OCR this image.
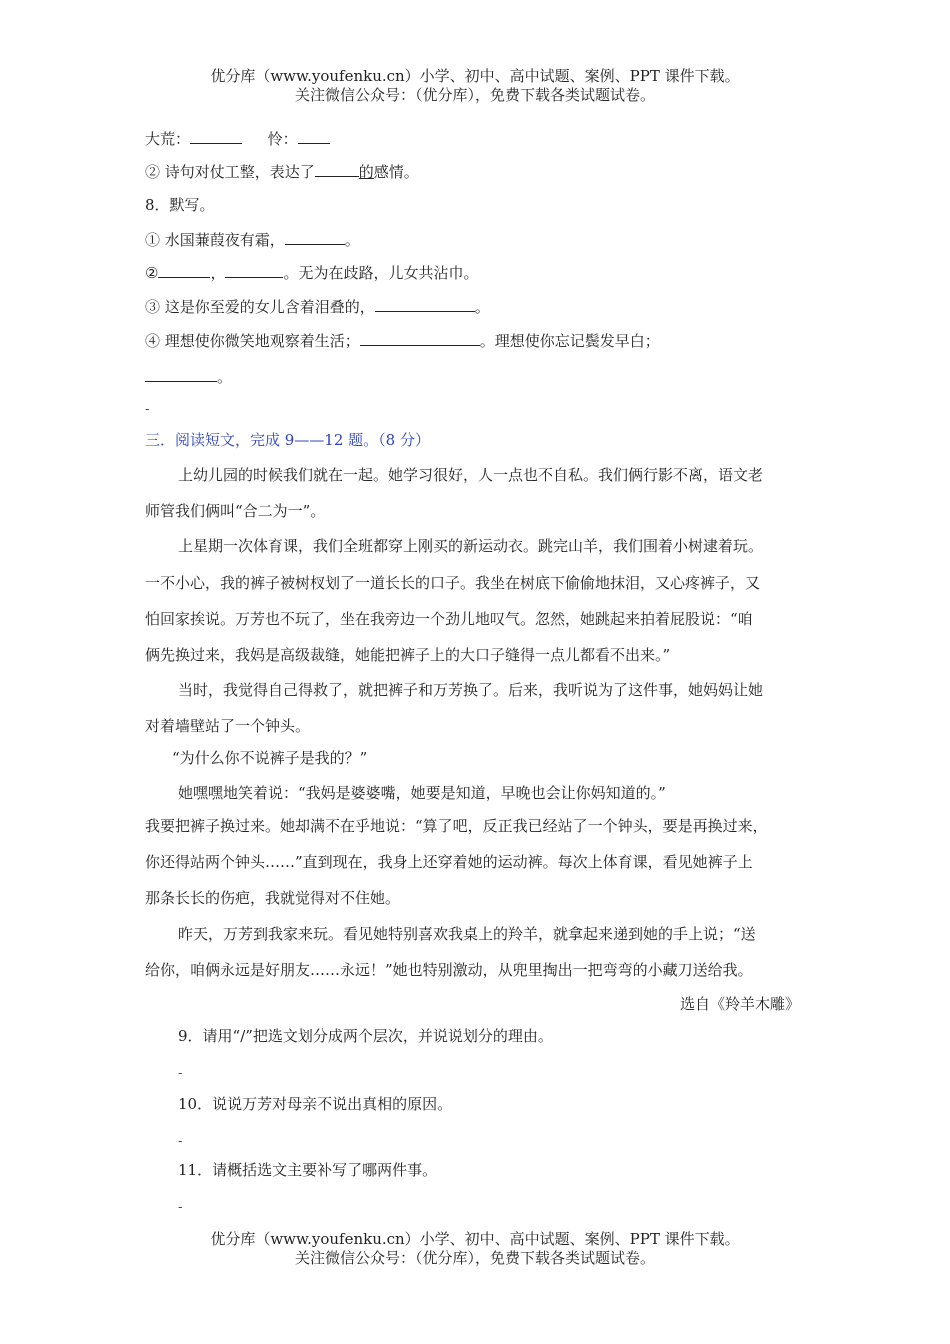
优分库（www.youfenku.cn）小学、初中、高中试题、案例、PPT 课件下载。
关注微信公众号：（优分库），免费下载各类试题试卷。
大荒：	怜：
② 诗句对仗工整，表达了	的感情。
8．默写。
① 水国蒹葭夜有霜，	。
②	，	。无为在歧路，儿女共沾巾。
③ 这是你至爱的女儿含着泪叠的，	。
④ 理想使你微笑地观察着生活；	。理想使你忘记鬓发早白；
。
-
三．阅读短文，完成 9——12 题。（8 分）
上幼儿园的时候我们就在一起。她学习很好，人一点也不自私。我们俩行影不离，语文老
师管我们俩叫“合二为一”。
上星期一次体育课，我们全班都穿上刚买的新运动衣。跳完山羊，我们围着小树逮着玩。
一不小心，我的裤子被树杈划了一道长长的口子。我坐在树底下偷偷地抹泪，又心疼裤子，又
怕回家挨说。万芳也不玩了，坐在我旁边一个劲儿地叹气。忽然，她跳起来拍着屁股说：“咱
俩先换过来，我妈是高级裁缝，她能把裤子上的大口子缝得一点儿都看不出来。”
当时，我觉得自己得救了，就把裤子和万芳换了。后来，我听说为了这件事，她妈妈让她
对着墙壁站了一个钟头。
“为什么你不说裤子是我的？”
她嘿嘿地笑着说：“我妈是婆婆嘴，她要是知道，早晚也会让你妈知道的。”
我要把裤子换过来。她却满不在乎地说：“算了吧，反正我已经站了一个钟头，要是再换过来，
你还得站两个钟头……”直到现在，我身上还穿着她的运动裤。每次上体育课，看见她裤子上
那条长长的伤疤，我就觉得对不住她。
昨天，万芳到我家来玩。看见她特别喜欢我桌上的羚羊，就拿起来递到她的手上说；“送
给你，咱俩永远是好朋友……永远！”她也特别激动，从兜里掏出一把弯弯的小藏刀送给我。
选自《羚羊木雕》
9．请用“/”把选文划分成两个层次，并说说划分的理由。
-
10．说说万芳对母亲不说出真相的原因。
-
11．请概括选文主要补写了哪两件事。
-
优分库（www.youfenku.cn）小学、初中、高中试题、案例、PPT 课件下载。
关注微信公众号：（优分库），免费下载各类试题试卷。
